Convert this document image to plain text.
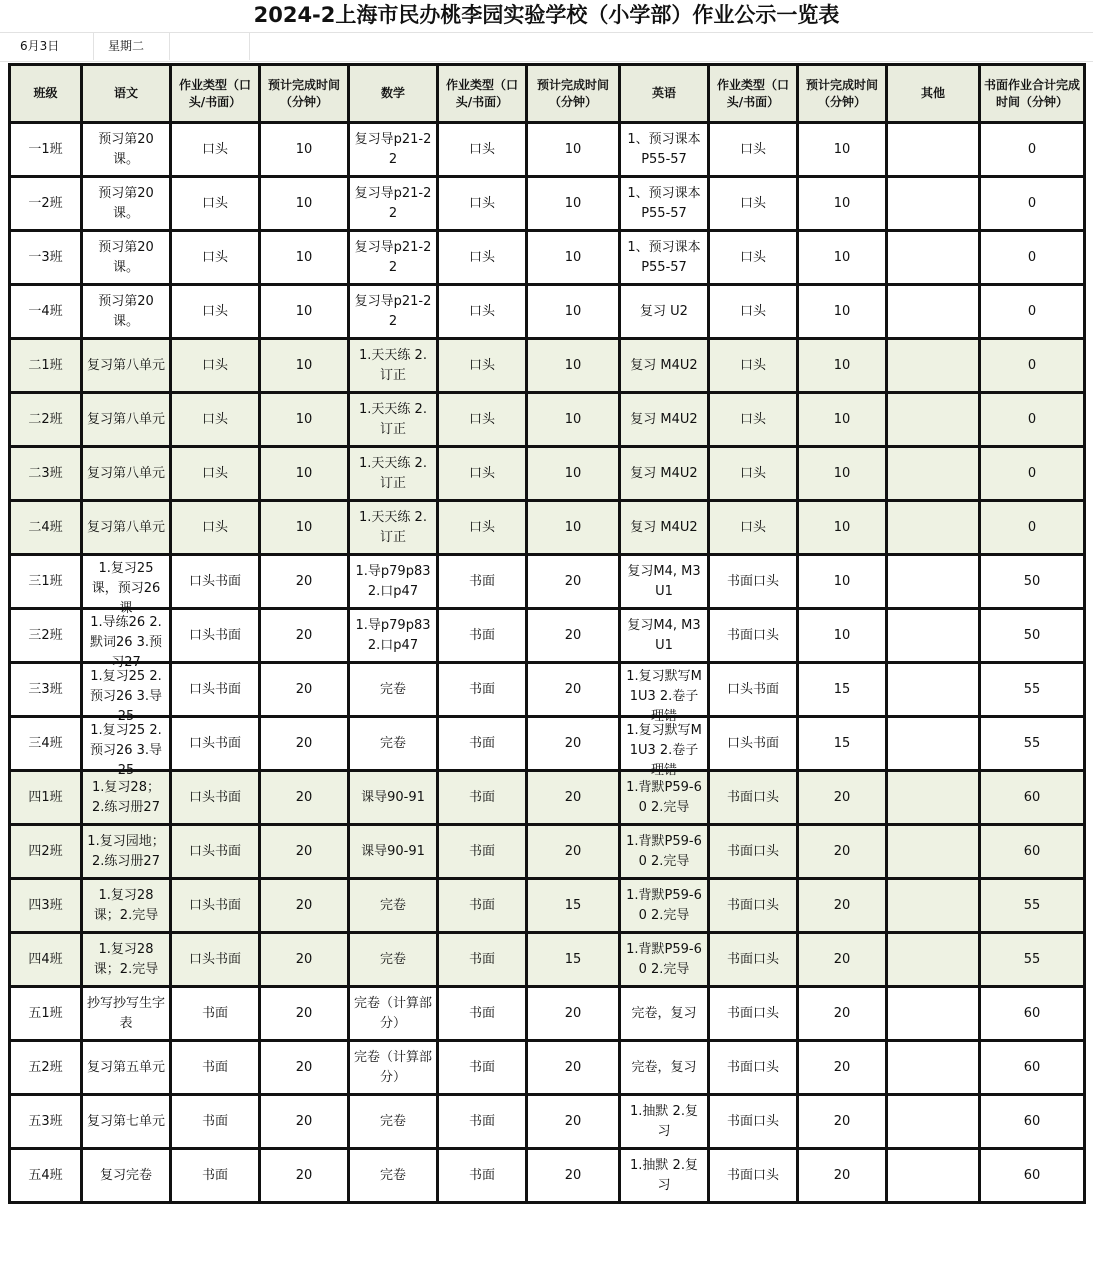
2024-2上海市民办桃李园实验学校（小学部）作业公示一览表
6月3日	星期二
班级	语文	作业类型（口头/书面）	预计完成时间（分钟）	数学	作业类型（口头/书面）	预计完成时间（分钟）	英语	作业类型（口头/书面）	预计完成时间（分钟）	其他	书面作业合计完成时间（分钟）

一1班	预习第20课。	口头	10	复习导p21-22	口头	10	1、预习课本P55-57	口头	10		0

一2班	预习第20课。	口头	10	复习导p21-22	口头	10	1、预习课本P55-57	口头	10		0

一3班	预习第20课。	口头	10	复习导p21-22	口头	10	1、预习课本P55-57	口头	10		0

一4班	预习第20课。	口头	10	复习导p21-22	口头	10	复习 U2	口头	10		0

二1班	复习第八单元	口头	10	1.天天练 2.订正	口头	10	复习 M4U2	口头	10		0

二2班	复习第八单元	口头	10	1.天天练 2.订正	口头	10	复习 M4U2	口头	10		0

二3班	复习第八单元	口头	10	1.天天练 2.订正	口头	10	复习 M4U2	口头	10		0

二4班	复习第八单元	口头	10	1.天天练 2.订正	口头	10	复习 M4U2	口头	10		0

三1班	1.复习25课，预习26课	口头书面	20	1.导p79p83 2.口p47	书面	20	复习M4, M3U1	书面口头	10		50

三2班	1.导练26 2.默词26 3.预习27	口头书面	20	1.导p79p83 2.口p47	书面	20	复习M4, M3U1	书面口头	10		50

三3班	1.复习25 2.预习26 3.导25	口头书面	20	完卷	书面	20	1.复习默写M1U3 2.卷子理错	口头书面	15		55

三4班	1.复习25 2.预习26 3.导25	口头书面	20	完卷	书面	20	1.复习默写M1U3 2.卷子理错	口头书面	15		55

四1班	1.复习28；2.练习册27	口头书面	20	课导90-91	书面	20	1.背默P59-60 2.完导	书面口头	20		60

四2班	1.复习园地；2.练习册27	口头书面	20	课导90-91	书面	20	1.背默P59-60 2.完导	书面口头	20		60

四3班	1.复习28课；2.完导	口头书面	20	完卷	书面	15	1.背默P59-60 2.完导	书面口头	20		55

四4班	1.复习28课；2.完导	口头书面	20	完卷	书面	15	1.背默P59-60 2.完导	书面口头	20		55

五1班	抄写抄写生字表	书面	20	完卷（计算部分）	书面	20	完卷，复习	书面口头	20		60

五2班	复习第五单元	书面	20	完卷（计算部分）	书面	20	完卷，复习	书面口头	20		60

五3班	复习第七单元	书面	20	完卷	书面	20	1.抽默 2.复习	书面口头	20		60

五4班	复习完卷	书面	20	完卷	书面	20	1.抽默 2.复习	书面口头	20		60
